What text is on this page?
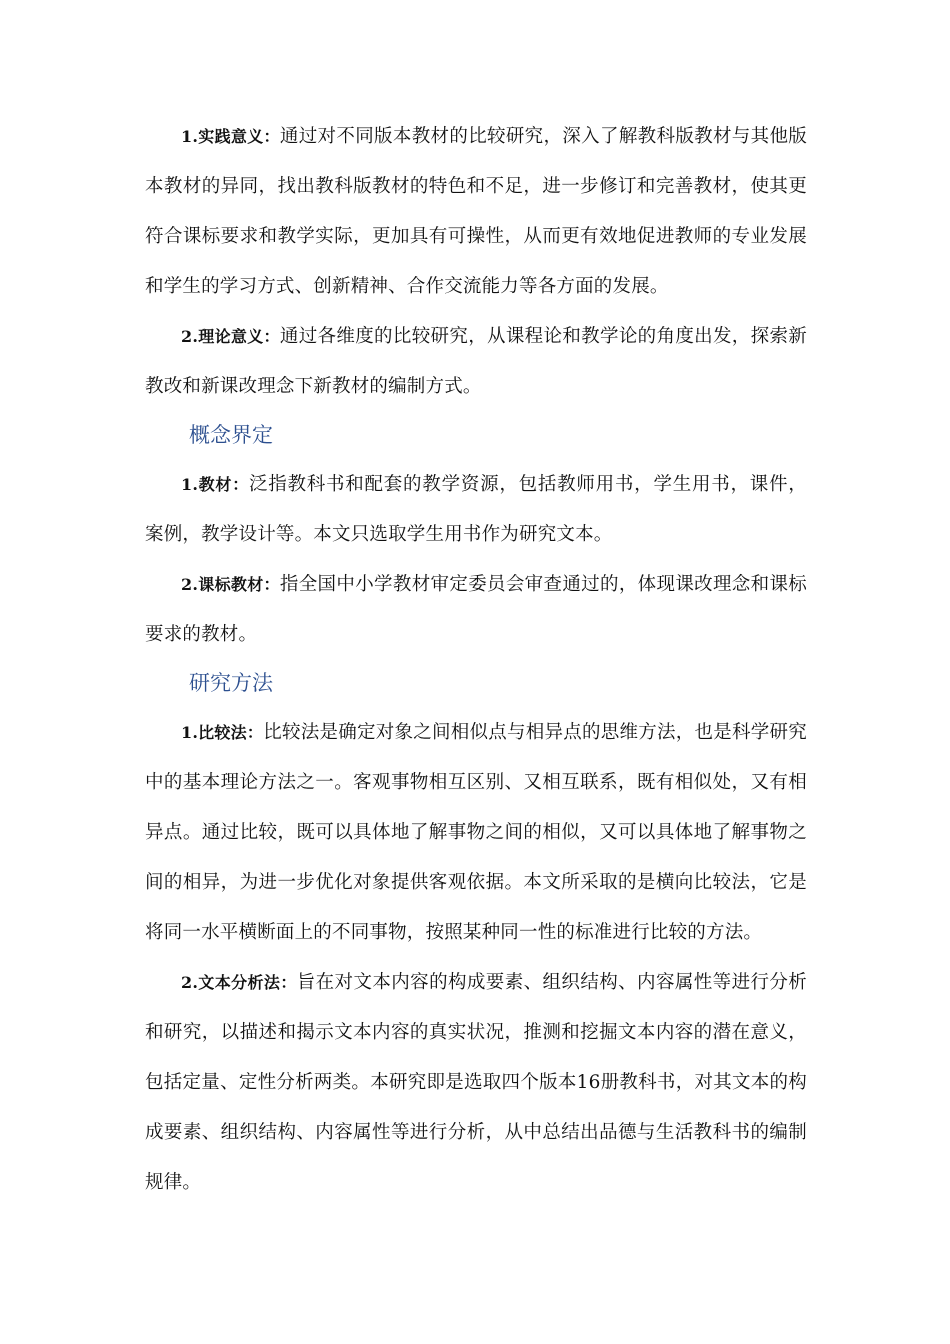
1.实践意义：通过对不同版本教材的比较研究，深入了解教科版教材与其他版本教材的异同，找出教科版教材的特色和不足，进一步修订和完善教材，使其更符合课标要求和教学实际，更加具有可操性，从而更有效地促进教师的专业发展和学生的学习方式、创新精神、合作交流能力等各方面的发展。

2.理论意义：通过各维度的比较研究，从课程论和教学论的角度出发，探索新教改和新课改理念下新教材的编制方式。

概念界定

1.教材：泛指教科书和配套的教学资源，包括教师用书，学生用书，课件，案例，教学设计等。本文只选取学生用书作为研究文本。

2.课标教材：指全国中小学教材审定委员会审查通过的，体现课改理念和课标要求的教材。

研究方法

1.比较法：比较法是确定对象之间相似点与相异点的思维方法，也是科学研究中的基本理论方法之一。客观事物相互区别、又相互联系，既有相似处，又有相异点。通过比较，既可以具体地了解事物之间的相似，又可以具体地了解事物之间的相异，为进一步优化对象提供客观依据。本文所采取的是横向比较法，它是将同一水平横断面上的不同事物，按照某种同一性的标准进行比较的方法。

2.文本分析法：旨在对文本内容的构成要素、组织结构、内容属性等进行分析和研究，以描述和揭示文本内容的真实状况，推测和挖掘文本内容的潜在意义，包括定量、定性分析两类。本研究即是选取四个版本16册教科书，对其文本的构成要素、组织结构、内容属性等进行分析，从中总结出品德与生活教科书的编制规律。
